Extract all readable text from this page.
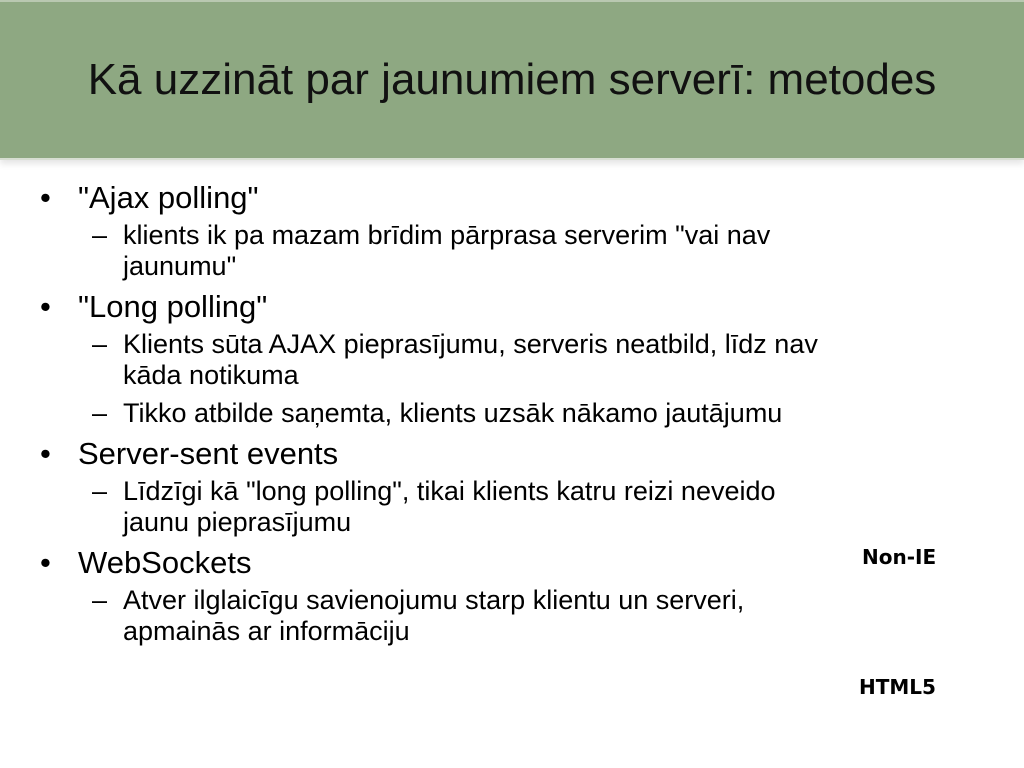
Kā uzzināt par jaunumiem serverī: metodes
• "Ajax polling"
– klients ik pa mazam brīdim pārprasa serverim "vai nav jaunumu"
• "Long polling"
– Klients sūta AJAX pieprasījumu, serveris neatbild, līdz nav kāda notikuma
– Tikko atbilde saņemta, klients uzsāk nākamo jautājumu
• Server-sent events
– Līdzīgi kā "long polling", tikai klients katru reizi neveido jaunu pieprasījumu
• WebSockets
– Atver ilglaicīgu savienojumu starp klientu un serveri, apmainās ar informāciju
Non-IE
HTML5
